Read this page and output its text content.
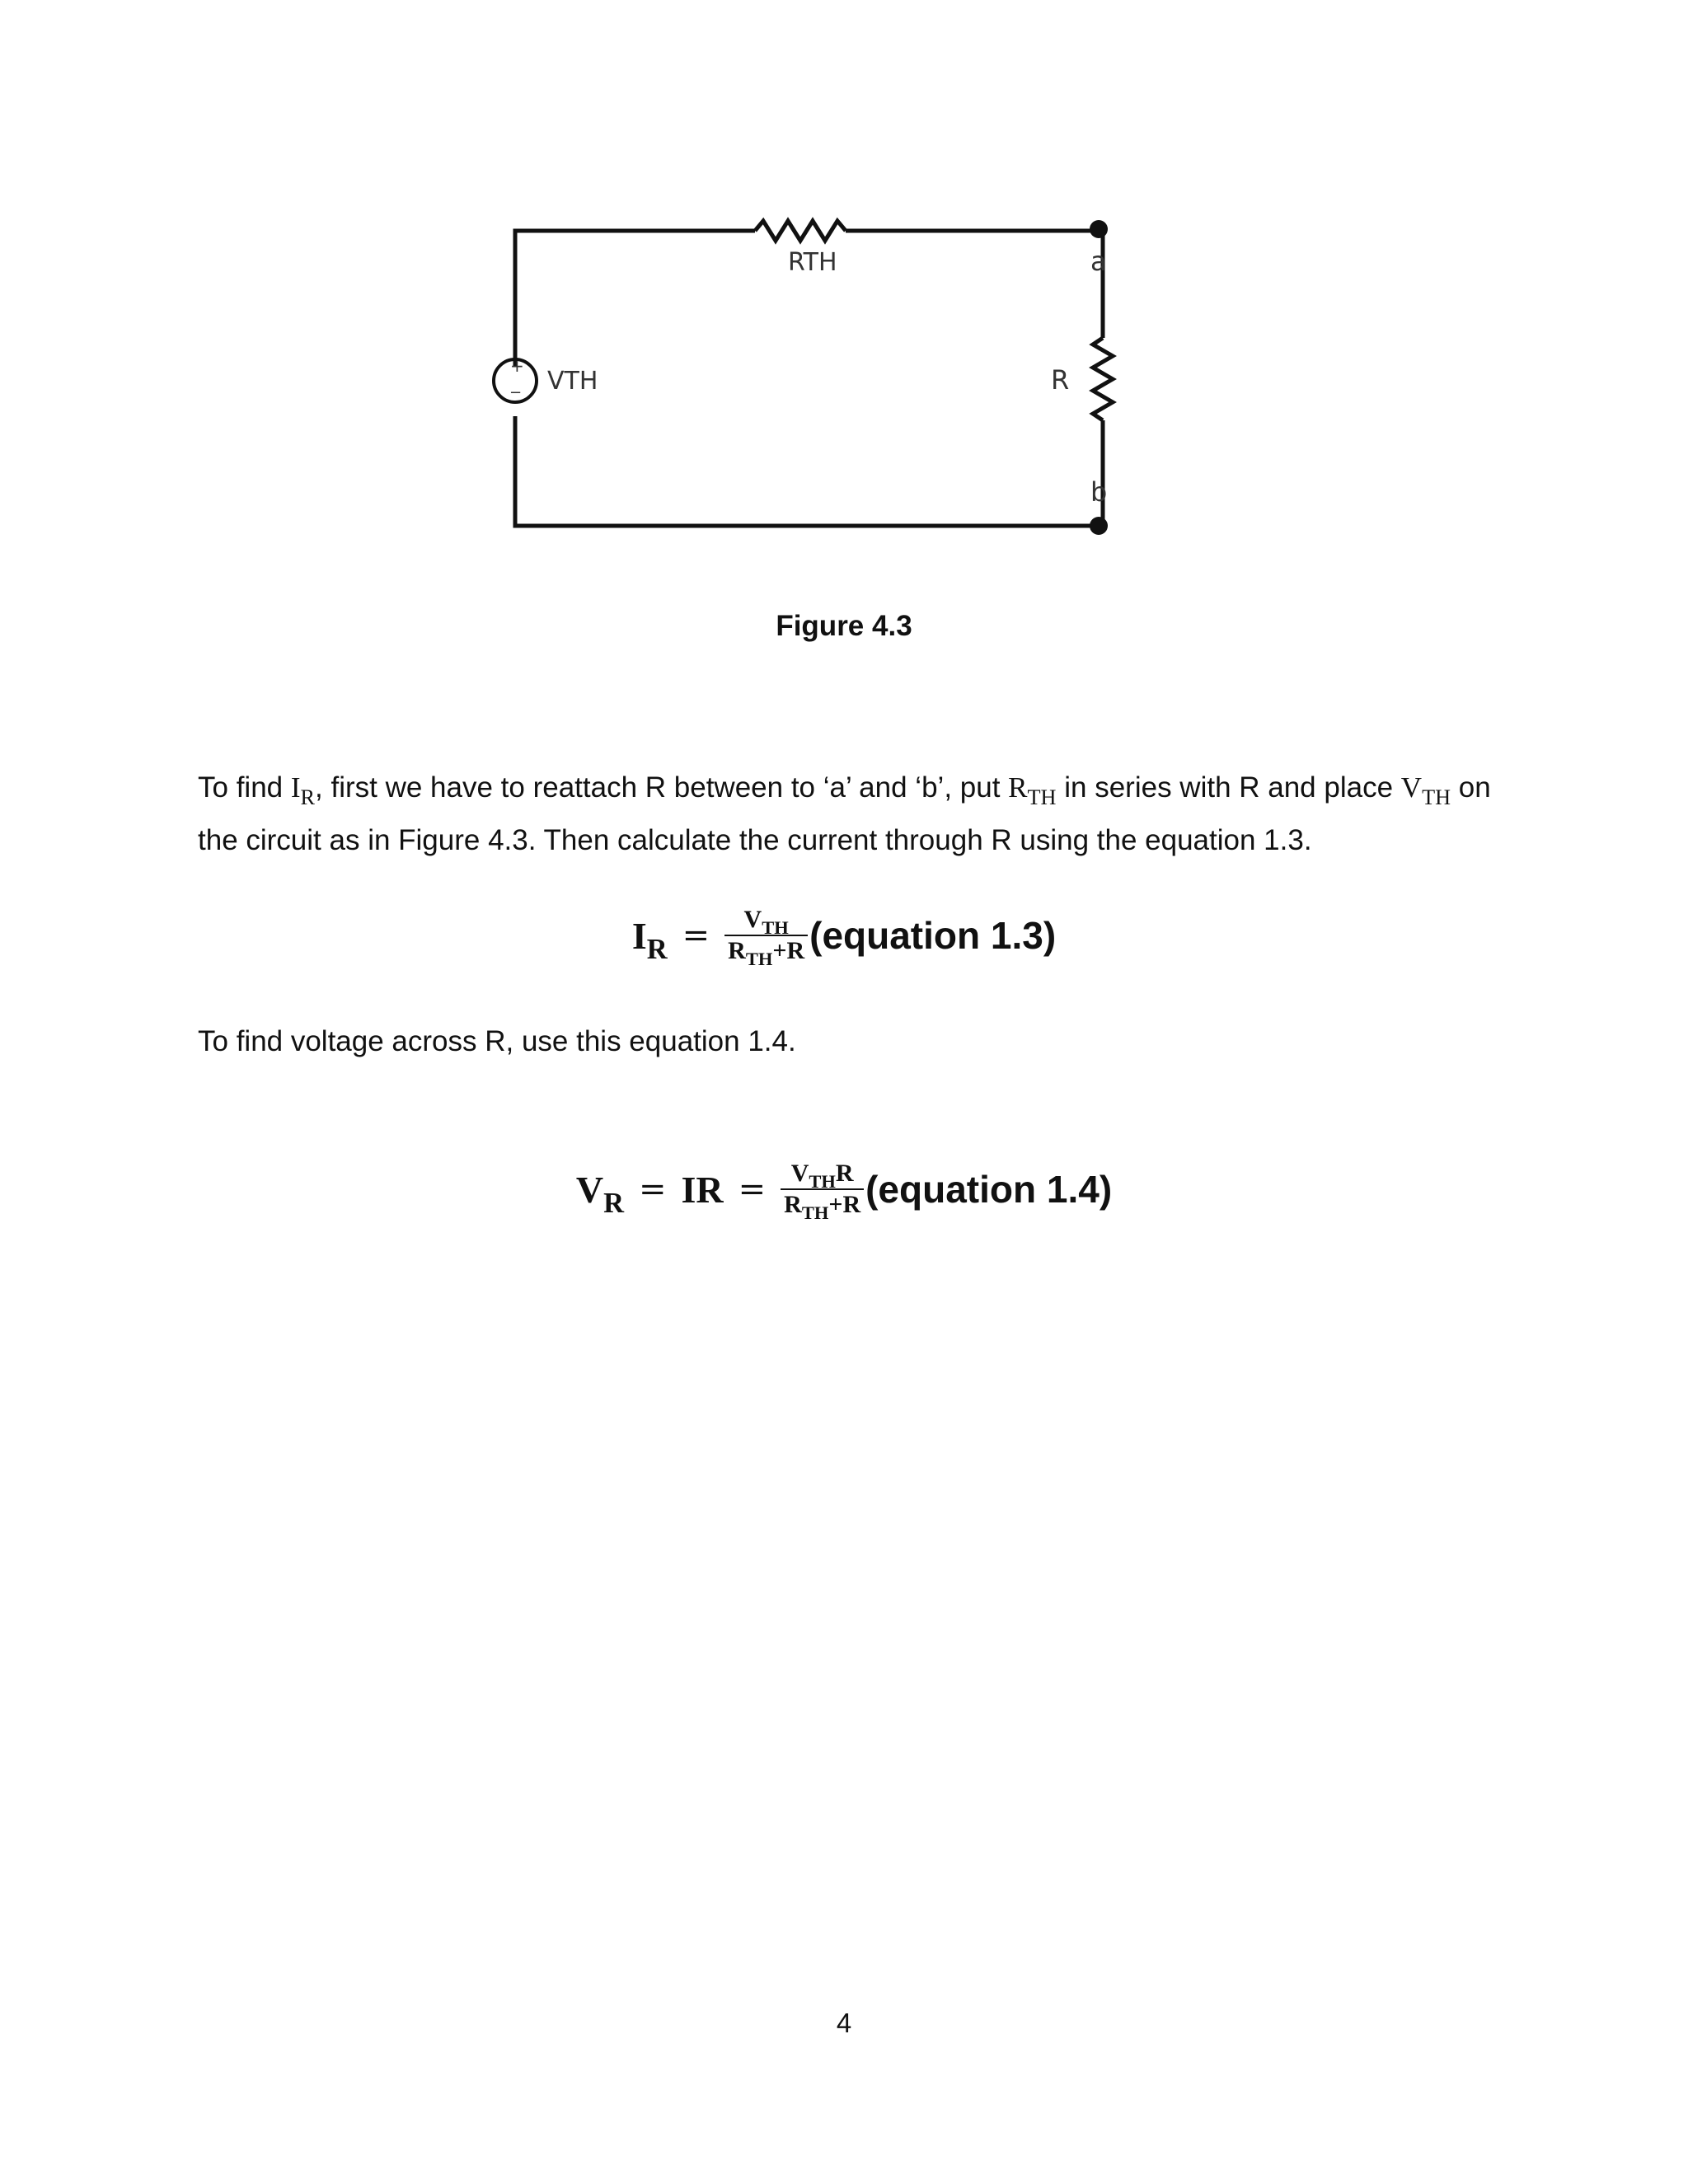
+
−
RTH
VTH	R
a
b
Figure 4.3

To find $I_R$, first we have to reattach R between to ‘a’ and ‘b’, put $R_{TH}$ in series with R and place $V_{TH}$ on the circuit as in Figure 4.3. Then calculate the current through R using the equation 1.3.

$I_R = \frac{V_{TH}}{R_{TH}+R}$ (equation 1.3)

To find voltage across R, use this equation 1.4.

$V_R$ = IR = $\frac{V_{TH}R}{R_{TH}+R}$ (equation 1.4)
4
